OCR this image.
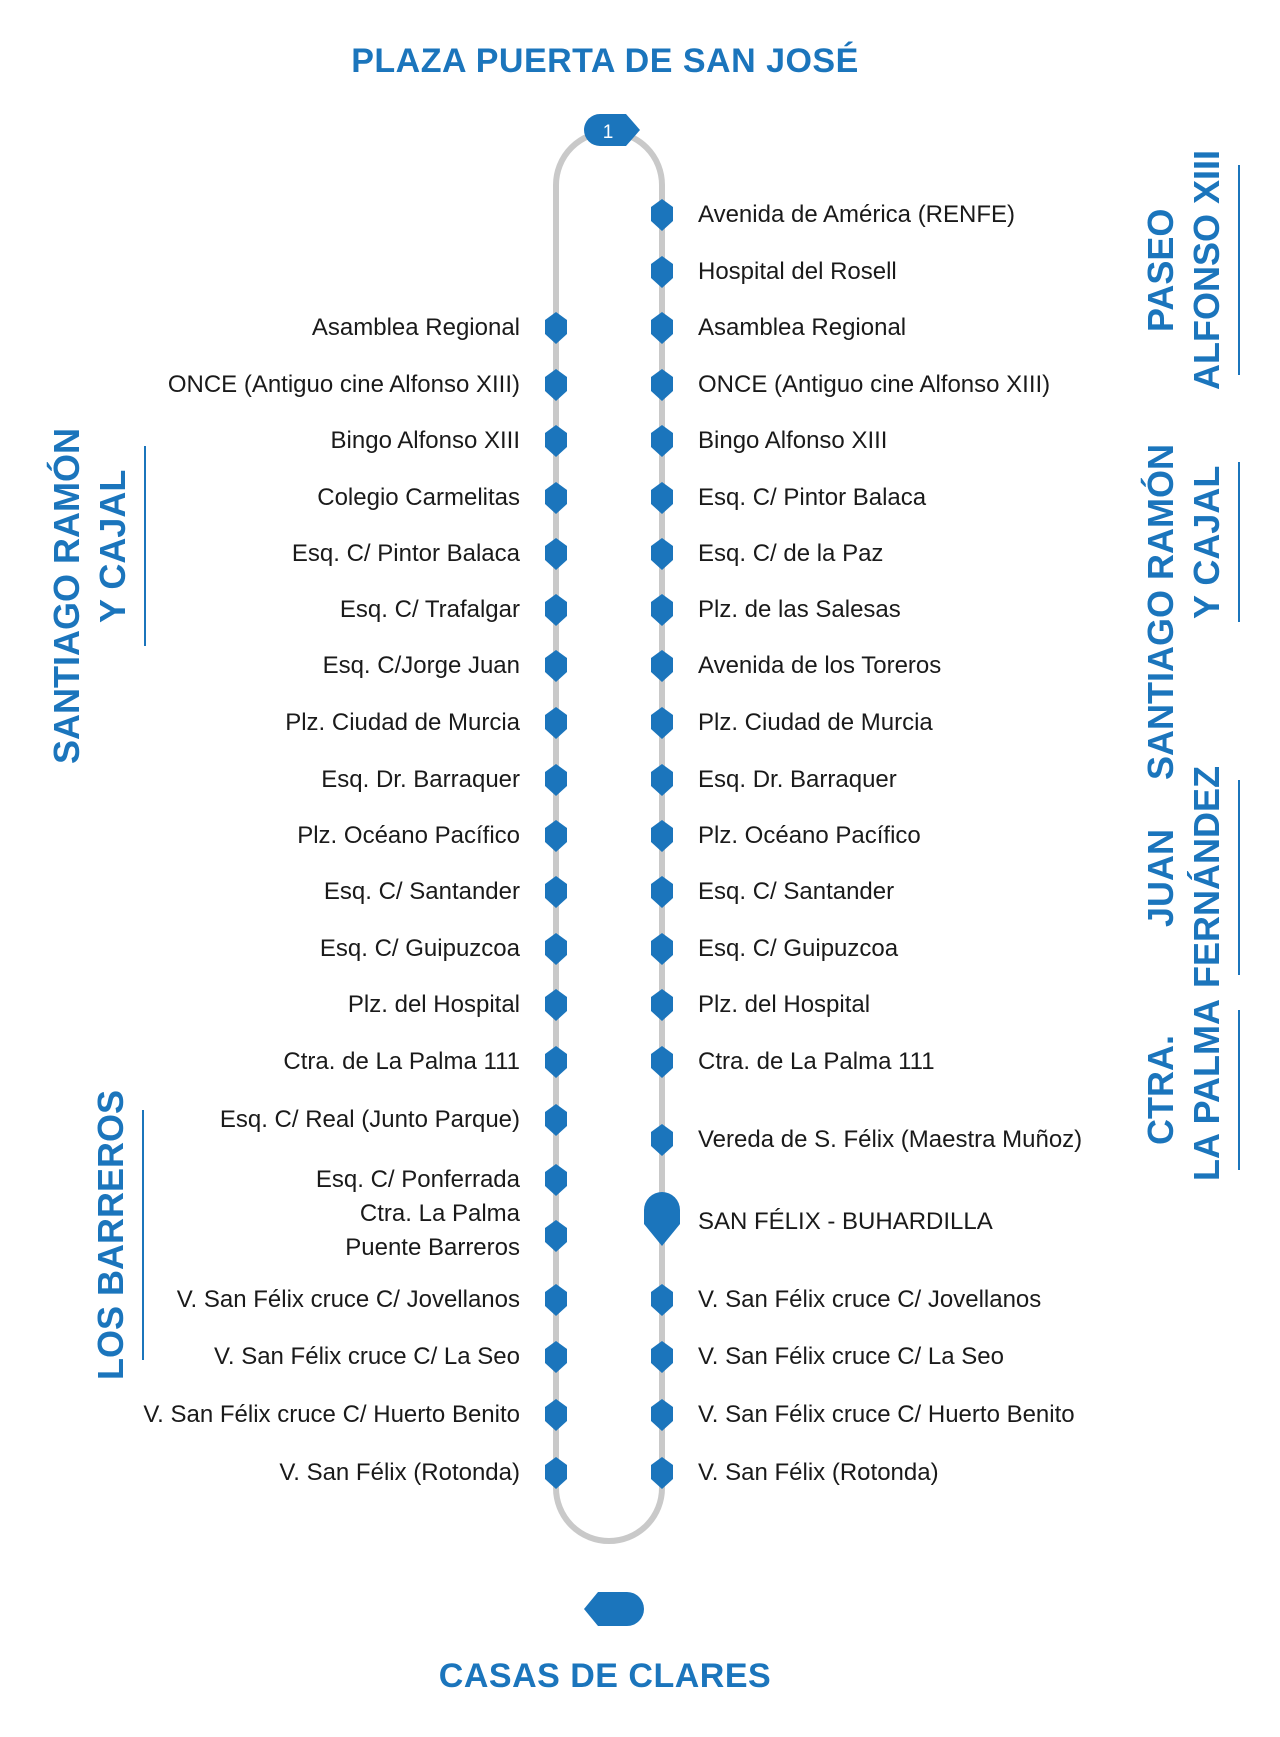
PLAZA PUERTA DE SAN JOSÉ
1
Asamblea Regional
ONCE (Antiguo cine Alfonso XIII)
Bingo Alfonso XIII
Colegio Carmelitas
Esq. C/ Pintor Balaca
Esq. C/ Trafalgar
Esq. C/Jorge Juan
Plz. Ciudad de Murcia
Esq. Dr. Barraquer
Plz. Océano Pacífico
Esq. C/ Santander
Esq. C/ Guipuzcoa
Plz. del Hospital
Ctra. de La Palma 111
Esq. C/ Real (Junto Parque)
Esq. C/ Ponferrada
Ctra. La Palma
Puente Barreros
V. San Félix cruce C/ Jovellanos
V. San Félix cruce C/ La Seo
V. San Félix cruce C/ Huerto Benito
V. San Félix (Rotonda)
Avenida de América (RENFE)
Hospital del Rosell
Asamblea Regional
ONCE (Antiguo cine Alfonso XIII)
Bingo Alfonso XIII
Esq. C/ Pintor Balaca
Esq. C/ de la Paz
Plz. de las Salesas
Avenida de los Toreros
Plz. Ciudad de Murcia
Esq. Dr. Barraquer
Plz. Océano Pacífico
Esq. C/ Santander
Esq. C/ Guipuzcoa
Plz. del Hospital
Ctra. de La Palma 111
Vereda de S. Félix (Maestra Muñoz)
SAN FÉLIX - BUHARDILLA
V. San Félix cruce C/ Jovellanos
V. San Félix cruce C/ La Seo
V. San Félix cruce C/ Huerto Benito
V. San Félix (Rotonda)
CASAS DE CLARES
SANTIAGO RAMÓN Y CAJAL
LOS BARREROS
PASEO ALFONSO XIII
SANTIAGO RAMÓN Y CAJAL
JUAN FERNÁNDEZ
CTRA. LA PALMA
